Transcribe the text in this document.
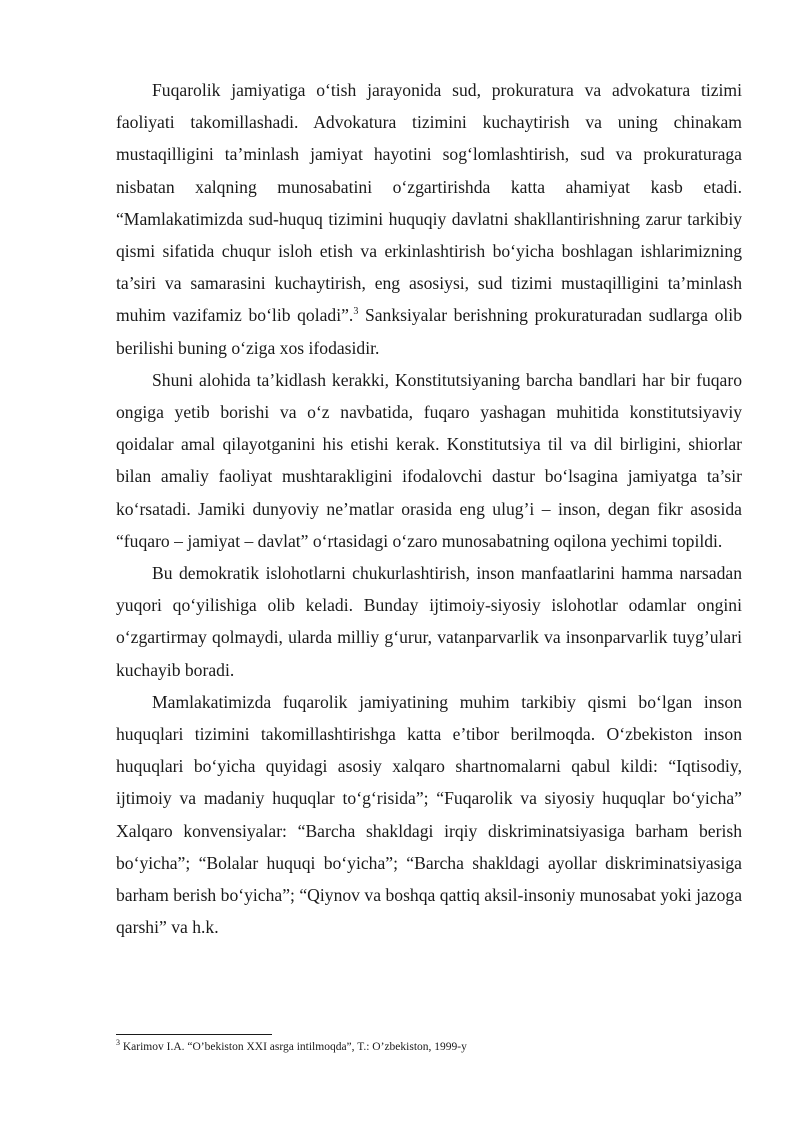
Fuqarolik jamiyatiga o‘tish jarayonida sud, prokuratura va advokatura tizimi faoliyati takomillashadi. Advokatura tizimini kuchaytirish va uning chinakam mustaqilligini ta’minlash jamiyat hayotini sog‘lomlashtirish, sud va prokuraturaga nisbatan xalqning munosabatini o‘zgartirishda katta ahamiyat kasb etadi. “Mamlakatimizda sud-huquq tizimini huquqiy davlatni shakllantirishning zarur tarkibiy qismi sifatida chuqur isloh etish va erkinlashtirish bo‘yicha boshlagan ishlarimizning ta’siri va samarasini kuchaytirish, eng asosiysi, sud tizimi mustaqilligini ta’minlash muhim vazifamiz bo‘lib qoladi”.$^3$ Sanksiyalar berishning prokuraturadan sudlarga olib berilishi buning o‘ziga xos ifodasidir.

Shuni alohida ta’kidlash kerakki, Konstitutsiyaning barcha bandlari har bir fuqaro ongiga yetib borishi va o‘z navbatida, fuqaro yashagan muhitida konstitutsiyaviy qoidalar amal qilayotganini his etishi kerak. Konstitutsiya til va dil birligini, shiorlar bilan amaliy faoliyat mushtarakligini ifodalovchi dastur bo‘lsagina jamiyatga ta’sir ko‘rsatadi. Jamiki dunyoviy ne’matlar orasida eng ulug’i – inson, degan fikr asosida “fuqaro – jamiyat – davlat” o‘rtasidagi o‘zaro munosabatning oqilona yechimi topildi.

Bu demokratik islohotlarni chukurlashtirish, inson manfaatlarini hamma narsadan yuqori qo‘yilishiga olib keladi. Bunday ijtimoiy-siyosiy islohotlar odamlar ongini o‘zgartirmay qolmaydi, ularda milliy g‘urur, vatanparvarlik va insonparvarlik tuyg’ulari kuchayib boradi.

Mamlakatimizda fuqarolik jamiyatining muhim tarkibiy qismi bo‘lgan inson huquqlari tizimini takomillashtirishga katta e’tibor berilmoqda. O‘zbekiston inson huquqlari bo‘yicha quyidagi asosiy xalqaro shartnomalarni qabul kildi: “Iqtisodiy, ijtimoiy va madaniy huquqlar to‘g‘risida”; “Fuqarolik va siyosiy huquqlar bo‘yicha” Xalqaro konvensiyalar: “Barcha shakldagi irqiy diskriminatsiyasiga barham berish bo‘yicha”; “Bolalar huquqi bo‘yicha”; “Barcha shakldagi ayollar diskriminatsiyasiga barham berish bo‘yicha”; “Qiynov va boshqa qattiq aksil-insoniy munosabat yoki jazoga qarshi” va h.k.

$^3$ Karimov I.A. “O’bekiston XXI asrga intilmoqda”, T.: O’zbekiston, 1999-y
